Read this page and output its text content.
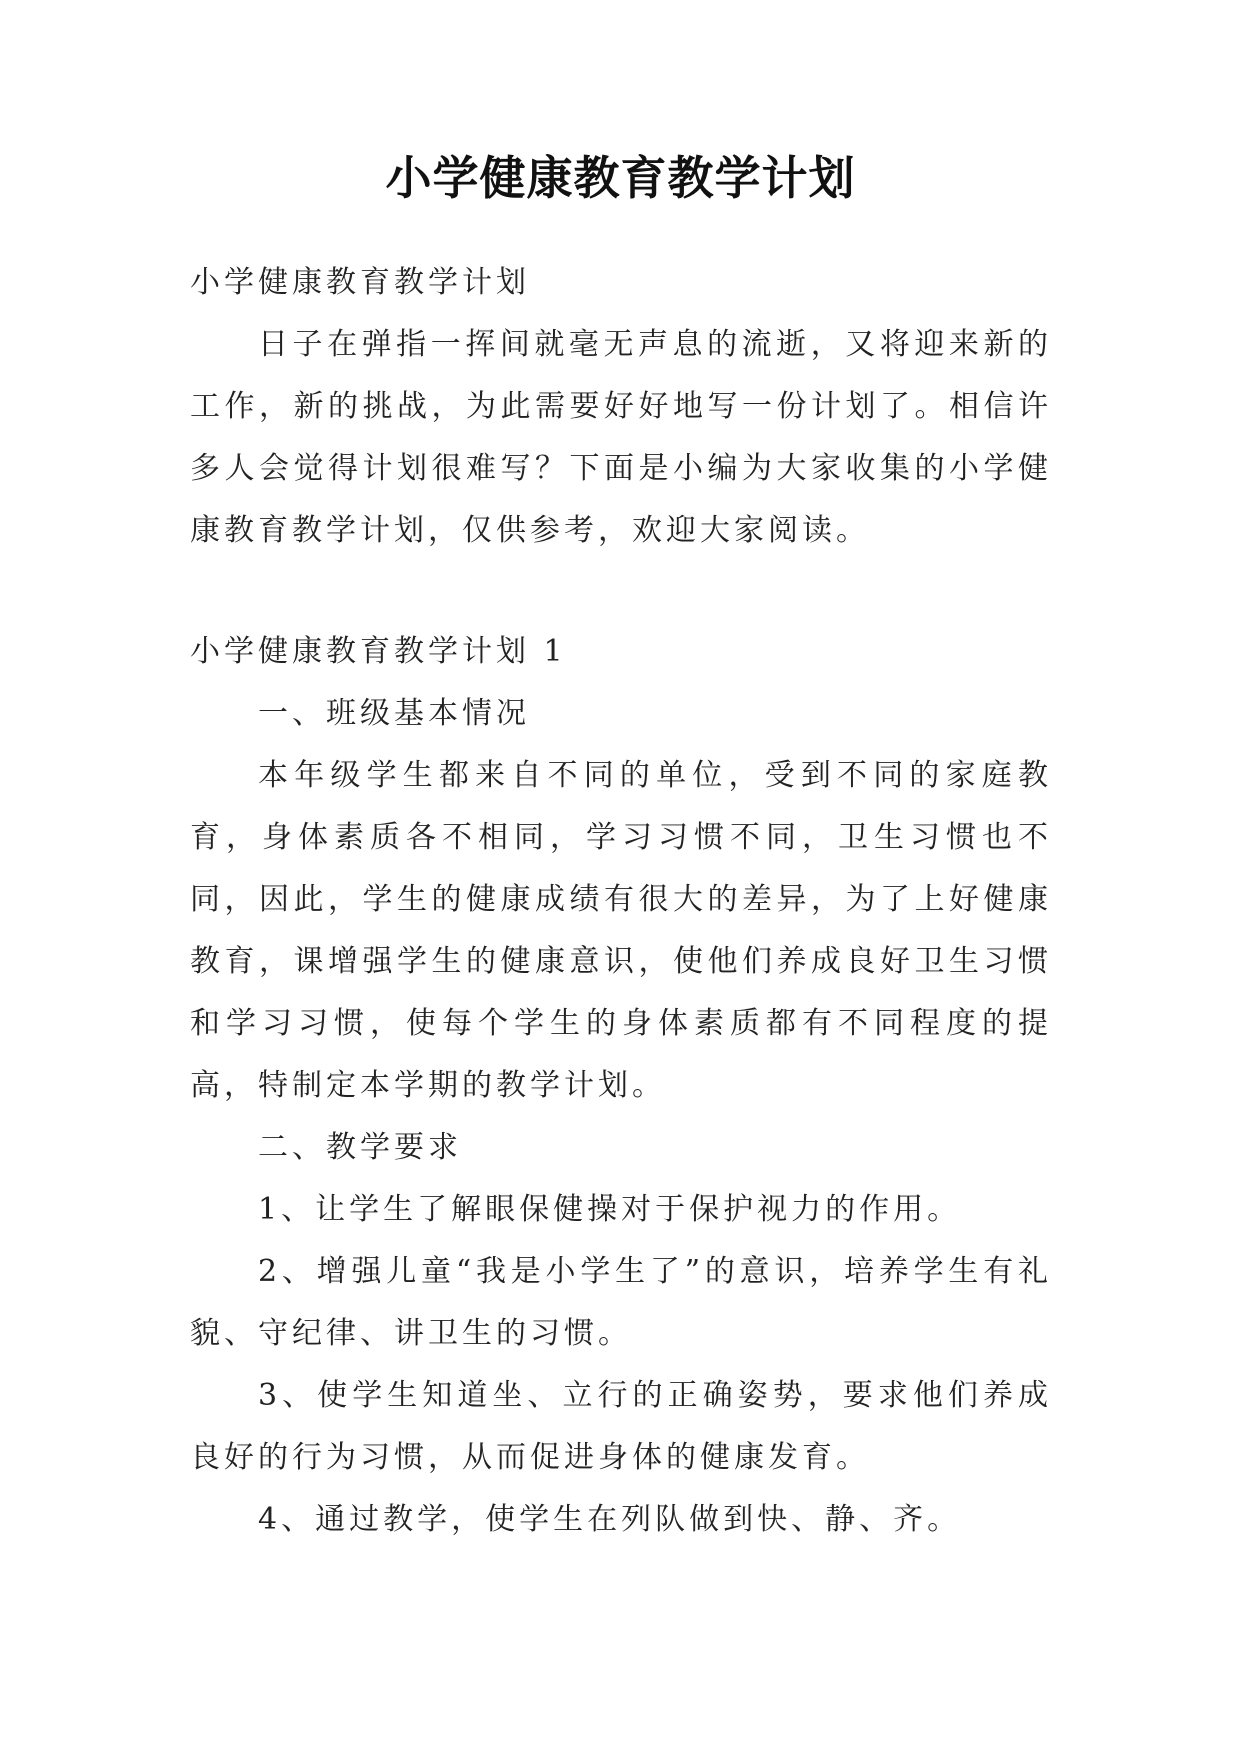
小学健康教育教学计划

小学健康教育教学计划

日子在弹指一挥间就毫无声息的流逝，又将迎来新的工作，新的挑战，为此需要好好地写一份计划了。相信许多人会觉得计划很难写？下面是小编为大家收集的小学健康教育教学计划，仅供参考，欢迎大家阅读。

小学健康教育教学计划 1

一、班级基本情况

本年级学生都来自不同的单位，受到不同的家庭教育，身体素质各不相同，学习习惯不同，卫生习惯也不同，因此，学生的健康成绩有很大的差异，为了上好健康教育，课增强学生的健康意识，使他们养成良好卫生习惯和学习习惯，使每个学生的身体素质都有不同程度的提高，特制定本学期的教学计划。

二、教学要求

1、让学生了解眼保健操对于保护视力的作用。

2、增强儿童“我是小学生了”的意识，培养学生有礼貌、守纪律、讲卫生的习惯。

3、使学生知道坐、立行的正确姿势，要求他们养成良好的行为习惯，从而促进身体的健康发育。

4、通过教学，使学生在列队做到快、静、齐。
